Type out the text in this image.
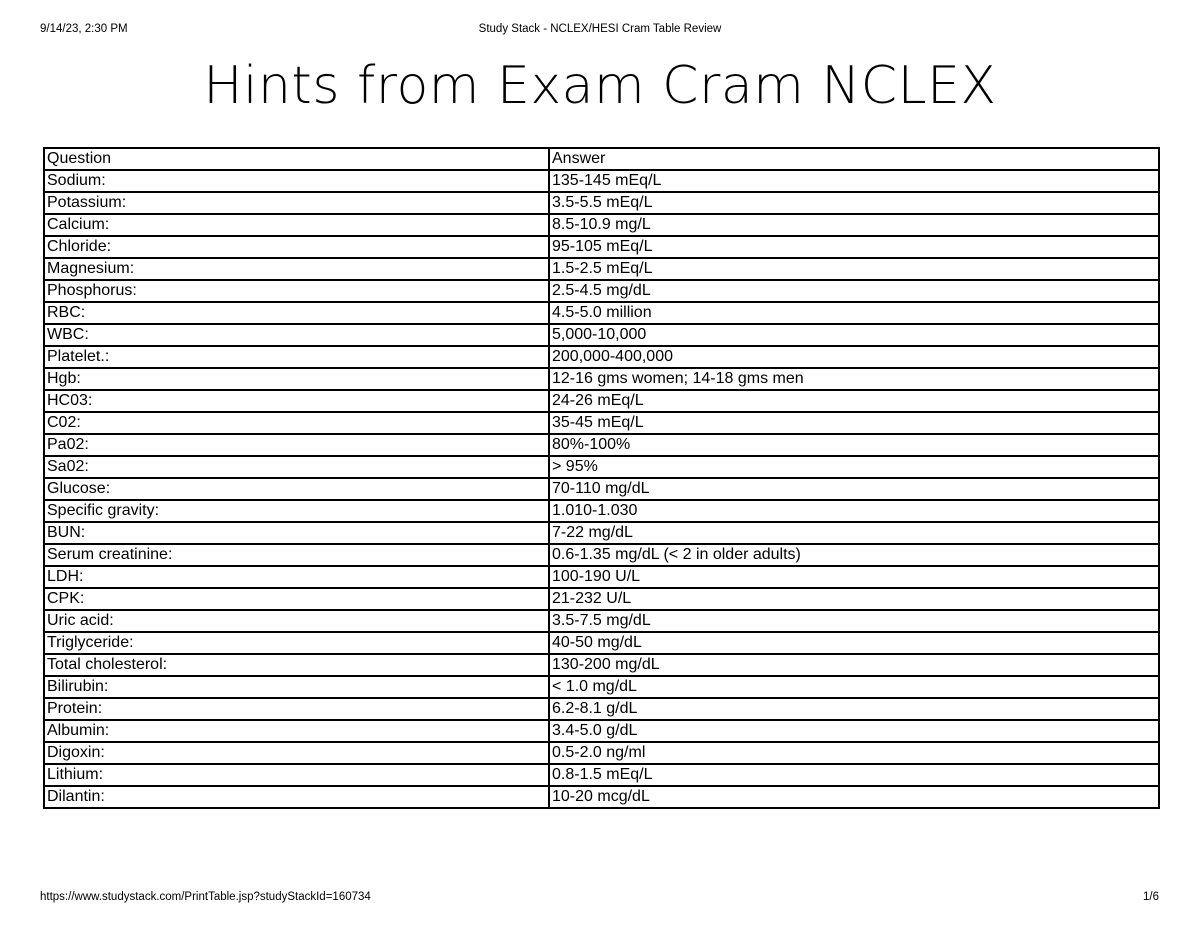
9/14/23, 2:30 PM	Study Stack - NCLEX/HESI Cram Table Review
Hints from Exam Cram NCLEX
Question	Answer
Sodium:	135-145 mEq/L
Potassium:	3.5-5.5 mEq/L
Calcium:	8.5-10.9 mg/L
Chloride:	95-105 mEq/L
Magnesium:	1.5-2.5 mEq/L
Phosphorus:	2.5-4.5 mg/dL
RBC:	4.5-5.0 million
WBC:	5,000-10,000
Platelet.:	200,000-400,000
Hgb:	12-16 gms women; 14-18 gms men
HC03:	24-26 mEq/L
C02:	35-45 mEq/L
Pa02:	80%-100%
Sa02:	> 95%
Glucose:	70-110 mg/dL
Specific gravity:	1.010-1.030
BUN:	7-22 mg/dL
Serum creatinine:	0.6-1.35 mg/dL (< 2 in older adults)
LDH:	100-190 U/L
CPK:	21-232 U/L
Uric acid:	3.5-7.5 mg/dL
Triglyceride:	40-50 mg/dL
Total cholesterol:	130-200 mg/dL
Bilirubin:	< 1.0 mg/dL
Protein:	6.2-8.1 g/dL
Albumin:	3.4-5.0 g/dL
Digoxin:	0.5-2.0 ng/ml
Lithium:	0.8-1.5 mEq/L
Dilantin:	10-20 mcg/dL
https://www.studystack.com/PrintTable.jsp?studyStackId=160734	1/6
